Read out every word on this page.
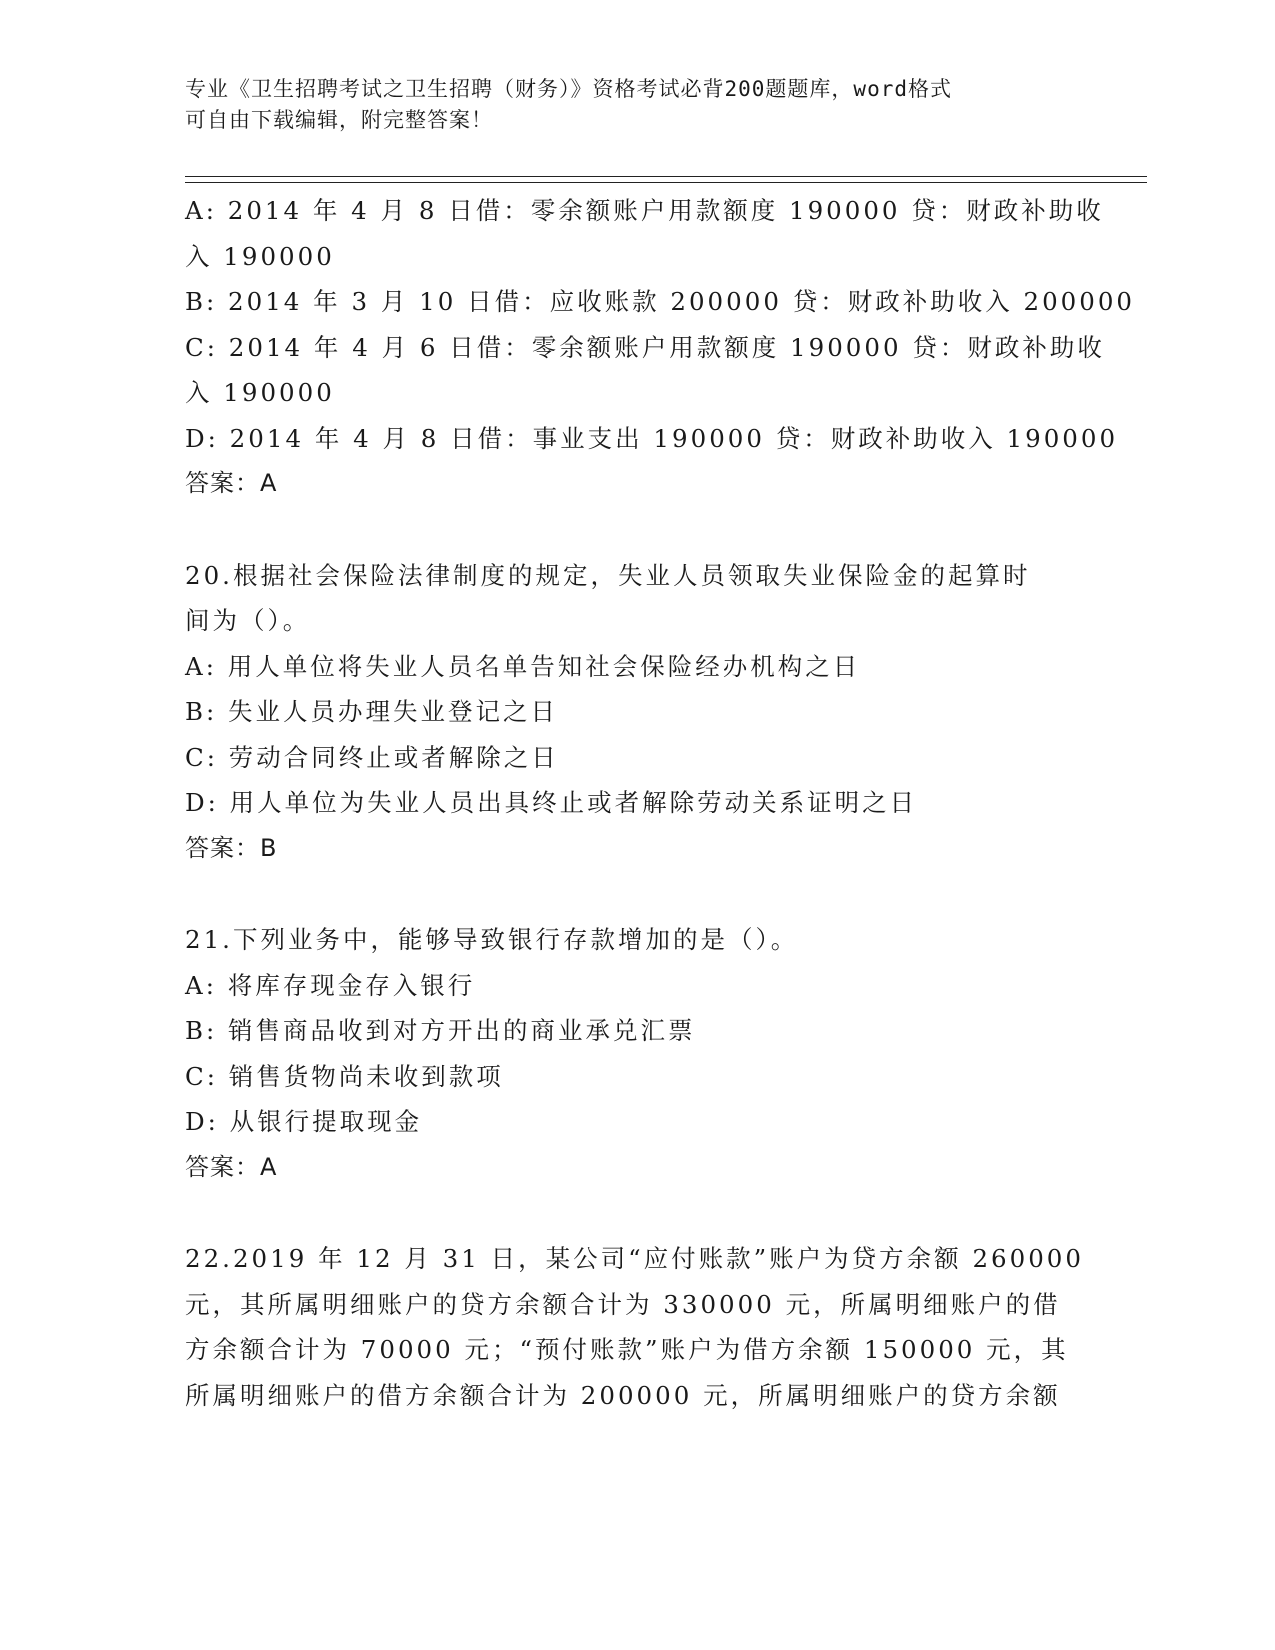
专业《卫生招聘考试之卫生招聘（财务）》资格考试必背200题题库，word格式
可自由下载编辑，附完整答案！
A: 2014 年 4 月 8 日借：零余额账户用款额度 190000 贷：财政补助收
入 190000
B: 2014 年 3 月 10 日借：应收账款 200000 贷：财政补助收入 200000
C: 2014 年 4 月 6 日借：零余额账户用款额度 190000 贷：财政补助收
入 190000
D: 2014 年 4 月 8 日借：事业支出 190000 贷：财政补助收入 190000
答案：A
20.根据社会保险法律制度的规定，失业人员领取失业保险金的起算时
间为（）。
A: 用人单位将失业人员名单告知社会保险经办机构之日
B: 失业人员办理失业登记之日
C: 劳动合同终止或者解除之日
D: 用人单位为失业人员出具终止或者解除劳动关系证明之日
答案：B
21.下列业务中，能够导致银行存款增加的是（）。
A: 将库存现金存入银行
B: 销售商品收到对方开出的商业承兑汇票
C: 销售货物尚未收到款项
D: 从银行提取现金
答案：A
22.2019 年 12 月 31 日，某公司“应付账款”账户为贷方余额 260000
元，其所属明细账户的贷方余额合计为 330000 元，所属明细账户的借
方余额合计为 70000 元；“预付账款”账户为借方余额 150000 元，其
所属明细账户的借方余额合计为 200000 元，所属明细账户的贷方余额
